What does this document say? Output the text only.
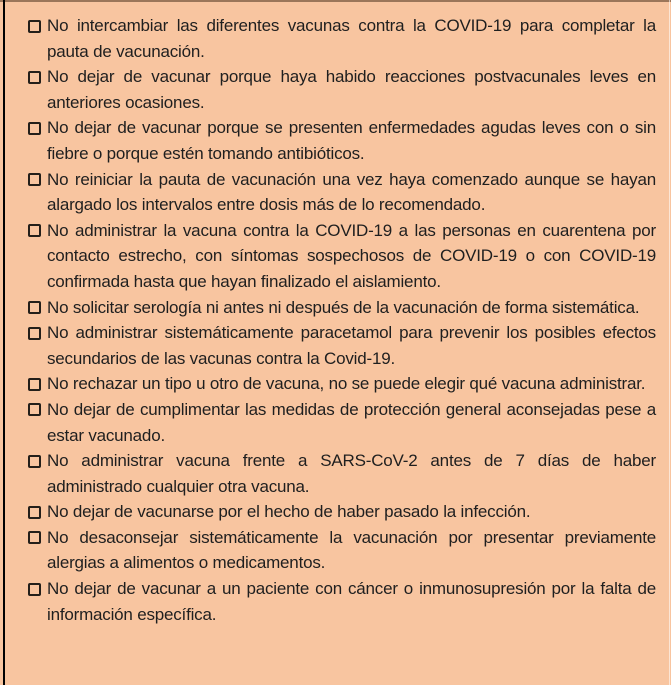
No intercambiar las diferentes vacunas contra la COVID-19 para completar la pauta de vacunación.
No dejar de vacunar porque haya habido reacciones postvacunales leves en anteriores ocasiones.
No dejar de vacunar porque se presenten enfermedades agudas leves con o sin fiebre o porque estén tomando antibióticos.
No reiniciar la pauta de vacunación una vez haya comenzado aunque se hayan alargado los intervalos entre dosis más de lo recomendado.
No administrar la vacuna contra la COVID-19 a las personas en cuarentena por contacto estrecho, con síntomas sospechosos de COVID-19 o con COVID-19 confirmada hasta que hayan finalizado el aislamiento.
No solicitar serología ni antes ni después de la vacunación de forma sistemática.
No administrar sistemáticamente paracetamol para prevenir los posibles efectos secundarios de las vacunas contra la Covid-19.
No rechazar un tipo u otro de vacuna, no se puede elegir qué vacuna administrar.
No dejar de cumplimentar las medidas de protección general aconsejadas pese a estar vacunado.
No administrar vacuna frente a SARS-CoV-2 antes de 7 días de haber administrado cualquier otra vacuna.
No dejar de vacunarse por el hecho de haber pasado la infección.
No desaconsejar sistemáticamente la vacunación por presentar previamente alergias a alimentos o medicamentos.
No dejar de vacunar a un paciente con cáncer o inmunosupresión por la falta de información específica.
